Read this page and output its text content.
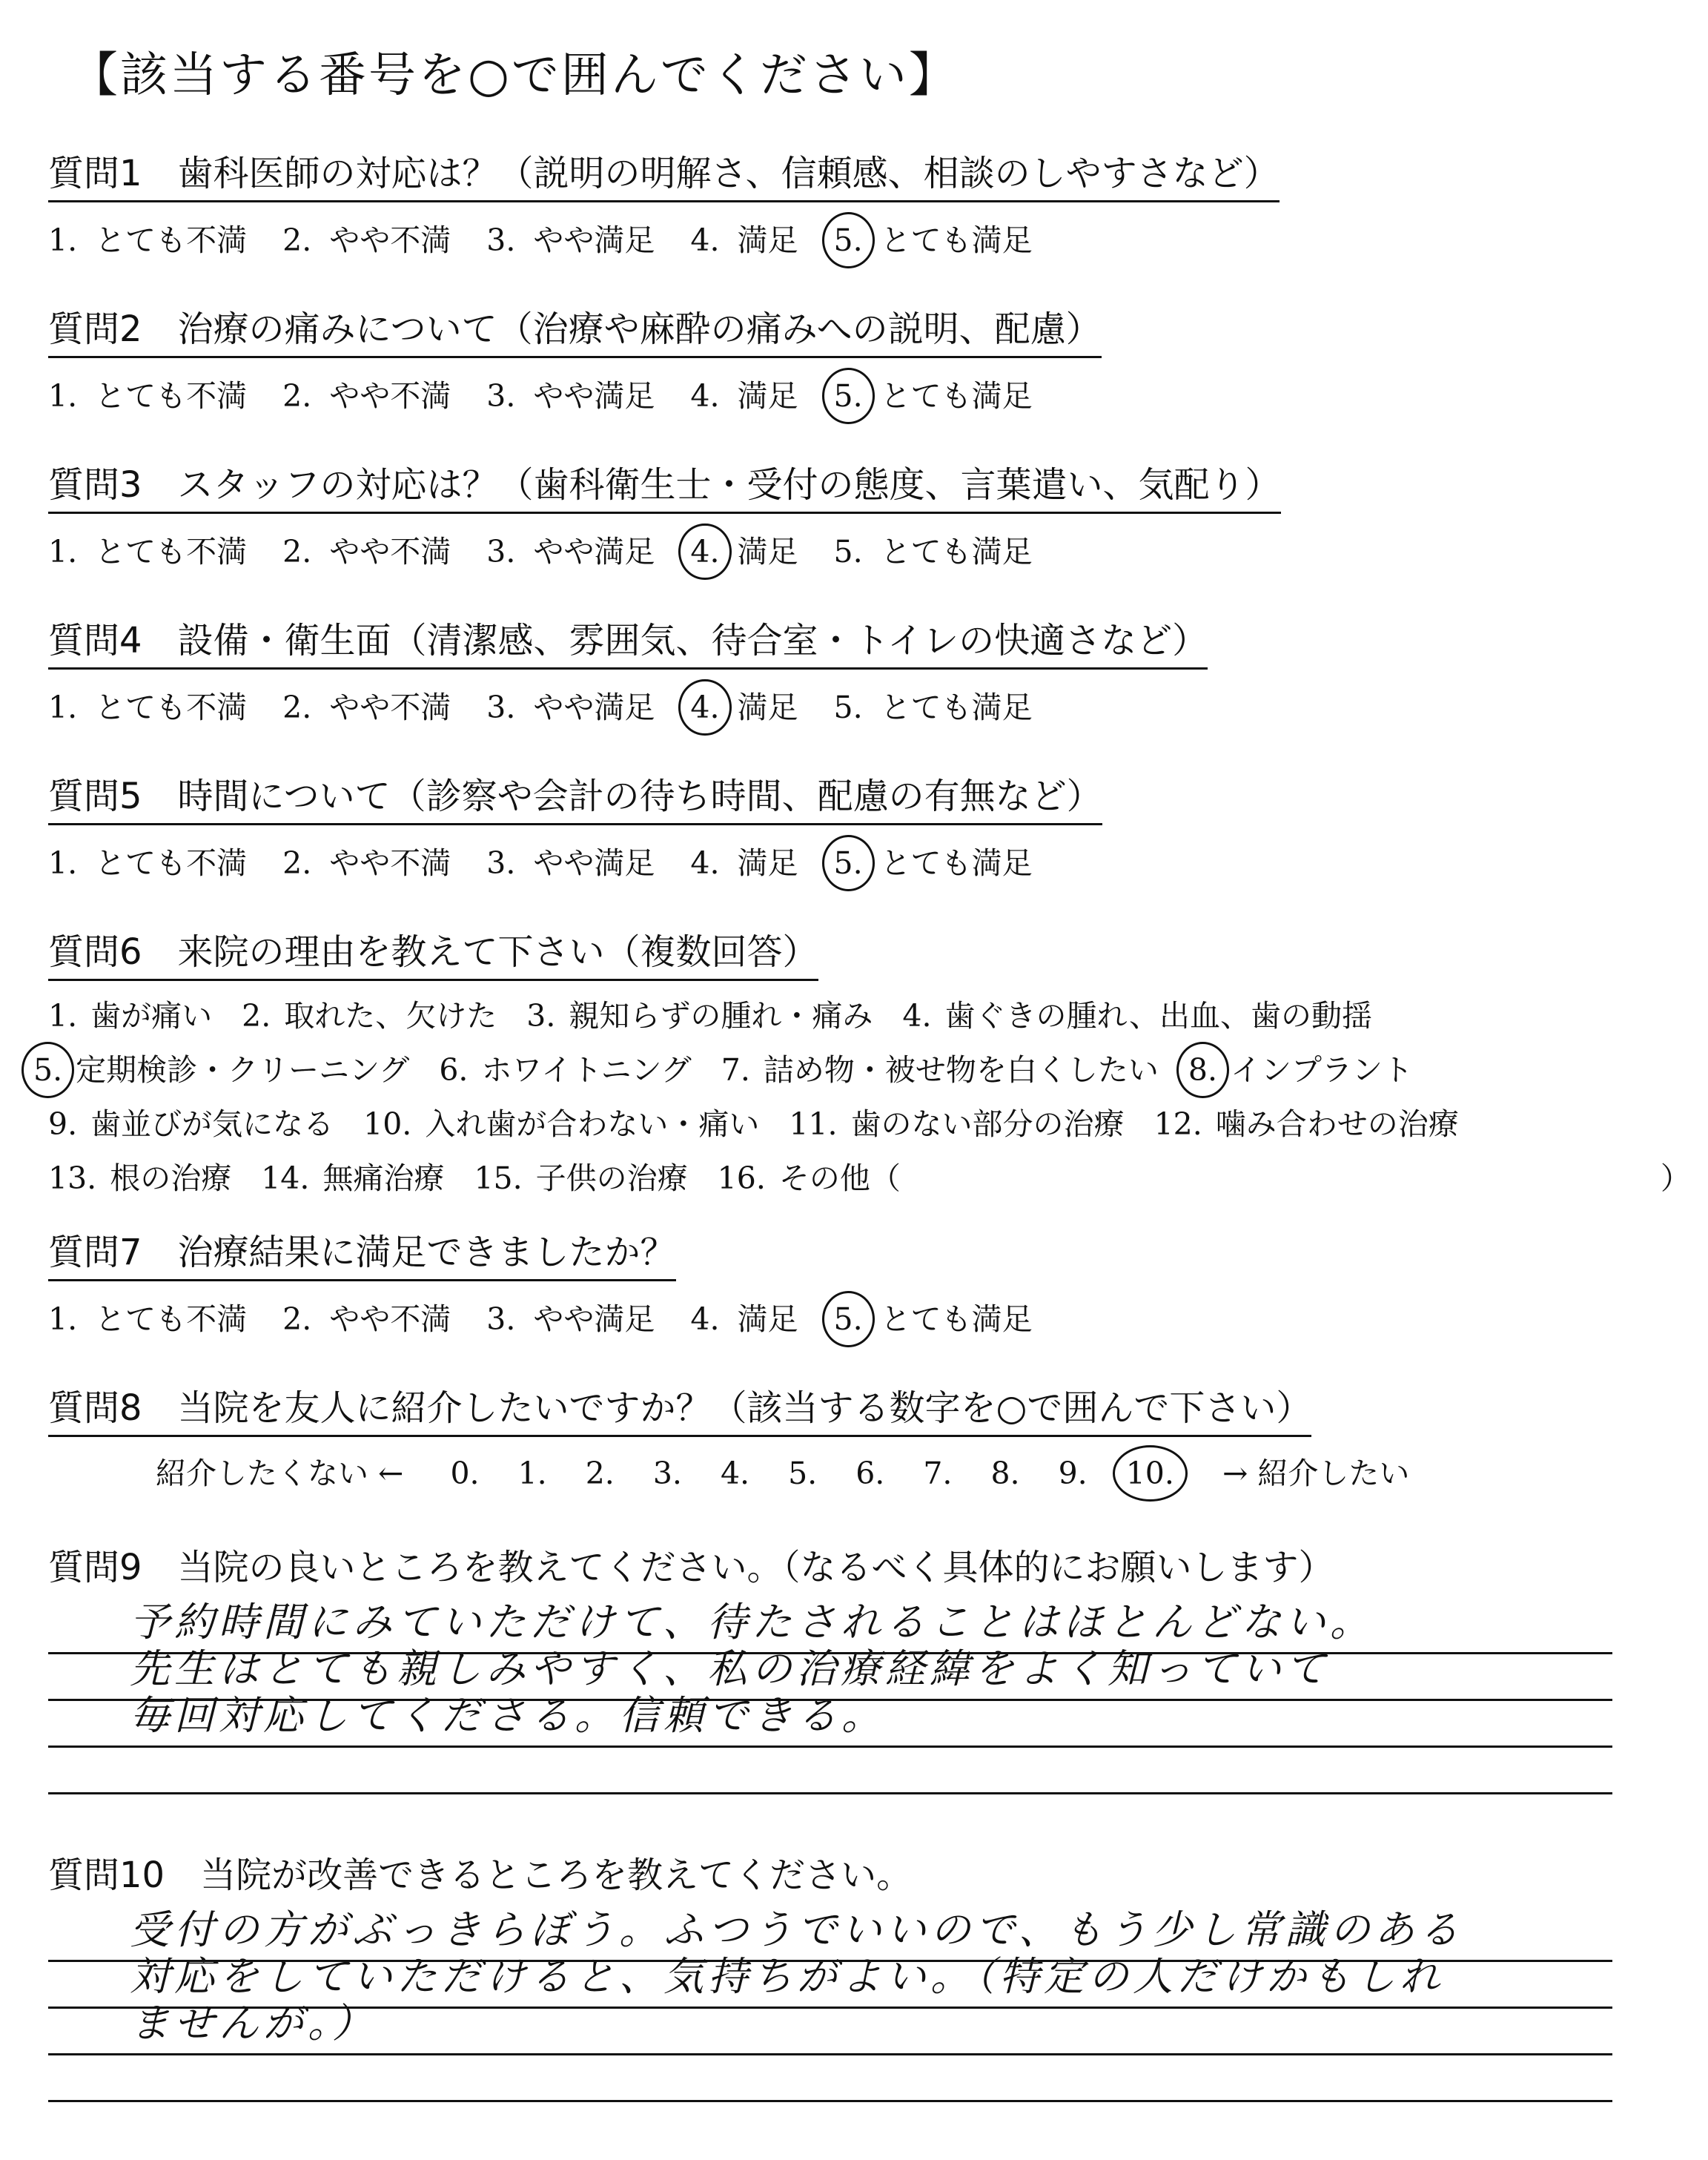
【該当する番号を○で囲んでください】
質問1　歯科医師の対応は？（説明の明解さ、信頼感、相談のしやすさなど）
1. とても不満 2. やや不満 3. やや満足 4. 満足 5. とても満足
質問2　治療の痛みについて（治療や麻酔の痛みへの説明、配慮）
1. とても不満 2. やや不満 3. やや満足 4. 満足 5. とても満足
質問3　スタッフの対応は？（歯科衛生士・受付の態度、言葉遣い、気配り）
1. とても不満 2. やや不満 3. やや満足 4. 満足 5. とても満足
質問4　設備・衛生面（清潔感、雰囲気、待合室・トイレの快適さなど）
1. とても不満 2. やや不満 3. やや満足 4. 満足 5. とても満足
質問5　時間について（診察や会計の待ち時間、配慮の有無など）
1. とても不満 2. やや不満 3. やや満足 4. 満足 5. とても満足
質問6　来院の理由を教えて下さい（複数回答）
1. 歯が痛い 2. 取れた、欠けた 3. 親知らずの腫れ・痛み 4. 歯ぐきの腫れ、出血、歯の動揺
5. 定期検診・クリーニング 6. ホワイトニング 7. 詰め物・被せ物を白くしたい 8. インプラント
9. 歯並びが気になる 10. 入れ歯が合わない・痛い 11. 歯のない部分の治療 12. 噛み合わせの治療
13. 根の治療 14. 無痛治療 15. 子供の治療 16. その他（　　　　　　　　　　　　　　　　　　　　　　　　　）
質問7　治療結果に満足できましたか？
1. とても不満 2. やや不満 3. やや満足 4. 満足 5. とても満足
質問8　当院を友人に紹介したいですか？（該当する数字を○で囲んで下さい）
紹介したくない ← 0. 1. 2. 3. 4. 5. 6. 7. 8. 9. 10. → 紹介したい
質問9　当院の良いところを教えてください。（なるべく具体的にお願いします）
予約時間にみていただけて、待たされることはほとんどない。
先生はとても親しみやすく、私の治療経緯をよく知っていて
毎回対応してくださる。信頼できる。
質問10　当院が改善できるところを教えてください。
受付の方がぶっきらぼう。ふつうでいいので、もう少し常識のある
対応をしていただけると、気持ちがよい。（特定の人だけかもしれ
ませんが。）
